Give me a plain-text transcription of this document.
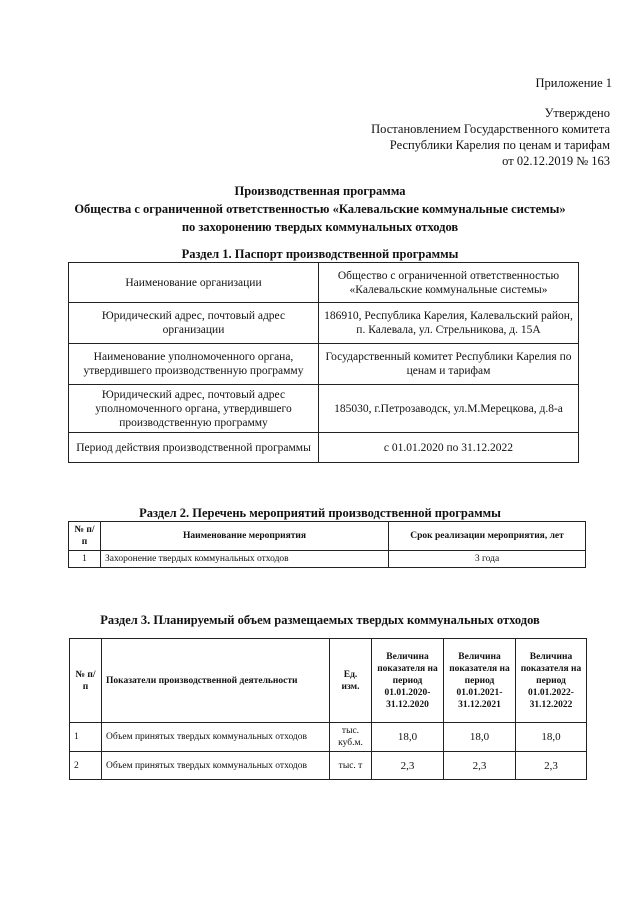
Приложение 1
Утверждено
Постановлением Государственного комитета
Республики Карелия по ценам и тарифам
от 02.12.2019 № 163
Производственная программа
Общества с ограниченной ответственностью «Калевальские коммунальные системы»
по захоронению твердых коммунальных отходов
Раздел 1. Паспорт производственной программы
Наименование организации	Общество с ограниченной ответственностью «Калевальские коммунальные системы»
Юридический адрес, почтовый адрес организации	186910, Республика Карелия, Калевальский район, п. Калевала, ул. Стрельникова, д. 15А
Наименование уполномоченного органа, утвердившего производственную программу	Государственный комитет Республики Карелия по ценам и тарифам
Юридический адрес, почтовый адрес уполномоченного органа, утвердившего производственную программу	185030, г.Петрозаводск, ул.М.Мерецкова, д.8-а
Период действия производственной программы	с 01.01.2020 по 31.12.2022
Раздел 2. Перечень мероприятий производственной программы
№ п/п	Наименование мероприятия	Срок реализации мероприятия, лет
1	Захоронение твердых коммунальных отходов	3 года
Раздел 3. Планируемый объем размещаемых твердых коммунальных отходов
№ п/п	Показатели производственной деятельности	Ед. изм.	Величина показателя на период 01.01.2020-31.12.2020	Величина показателя на период 01.01.2021-31.12.2021	Величина показателя на период 01.01.2022-31.12.2022
1	Объем принятых твердых коммунальных отходов	тыс. куб.м.	18,0	18,0	18,0
2	Объем принятых твердых коммунальных отходов	тыс. т	2,3	2,3	2,3
